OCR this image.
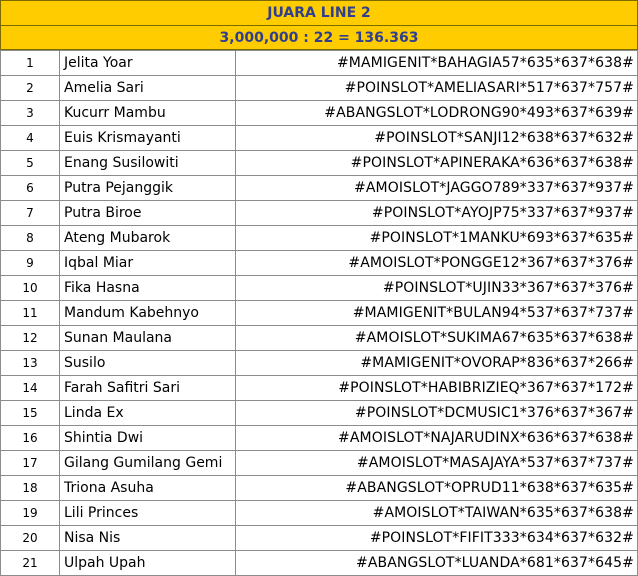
JUARA LINE 2
3,000,000 : 22 = 136.363
1	Jelita Yoar	#MAMIGENIT*BAHAGIA57*635*637*638#
2	Amelia Sari	#POINSLOT*AMELIASARI*517*637*757#
3	Kucurr Mambu	#ABANGSLOT*LODRONG90*493*637*639#
4	Euis Krismayanti	#POINSLOT*SANJI12*638*637*632#
5	Enang Susilowiti	#POINSLOT*APINERAKA*636*637*638#
6	Putra Pejanggik	#AMOISLOT*JAGGO789*337*637*937#
7	Putra Biroe	#POINSLOT*AYOJP75*337*637*937#
8	Ateng Mubarok	#POINSLOT*1MANKU*693*637*635#
9	Iqbal Miar	#AMOISLOT*PONGGE12*367*637*376#
10	Fika Hasna	#POINSLOT*UJIN33*367*637*376#
11	Mandum Kabehnyo	#MAMIGENIT*BULAN94*537*637*737#
12	Sunan Maulana	#AMOISLOT*SUKIMA67*635*637*638#
13	Susilo	#MAMIGENIT*OVORAP*836*637*266#
14	Farah Safitri Sari	#POINSLOT*HABIBRIZIEQ*367*637*172#
15	Linda Ex	#POINSLOT*DCMUSIC1*376*637*367#
16	Shintia Dwi	#AMOISLOT*NAJARUDINX*636*637*638#
17	Gilang Gumilang Gemi	#AMOISLOT*MASAJAYA*537*637*737#
18	Triona Asuha	#ABANGSLOT*OPRUD11*638*637*635#
19	Lili Princes	#AMOISLOT*TAIWAN*635*637*638#
20	Nisa Nis	#POINSLOT*FIFIT333*634*637*632#
21	Ulpah Upah	#ABANGSLOT*LUANDA*681*637*645#
